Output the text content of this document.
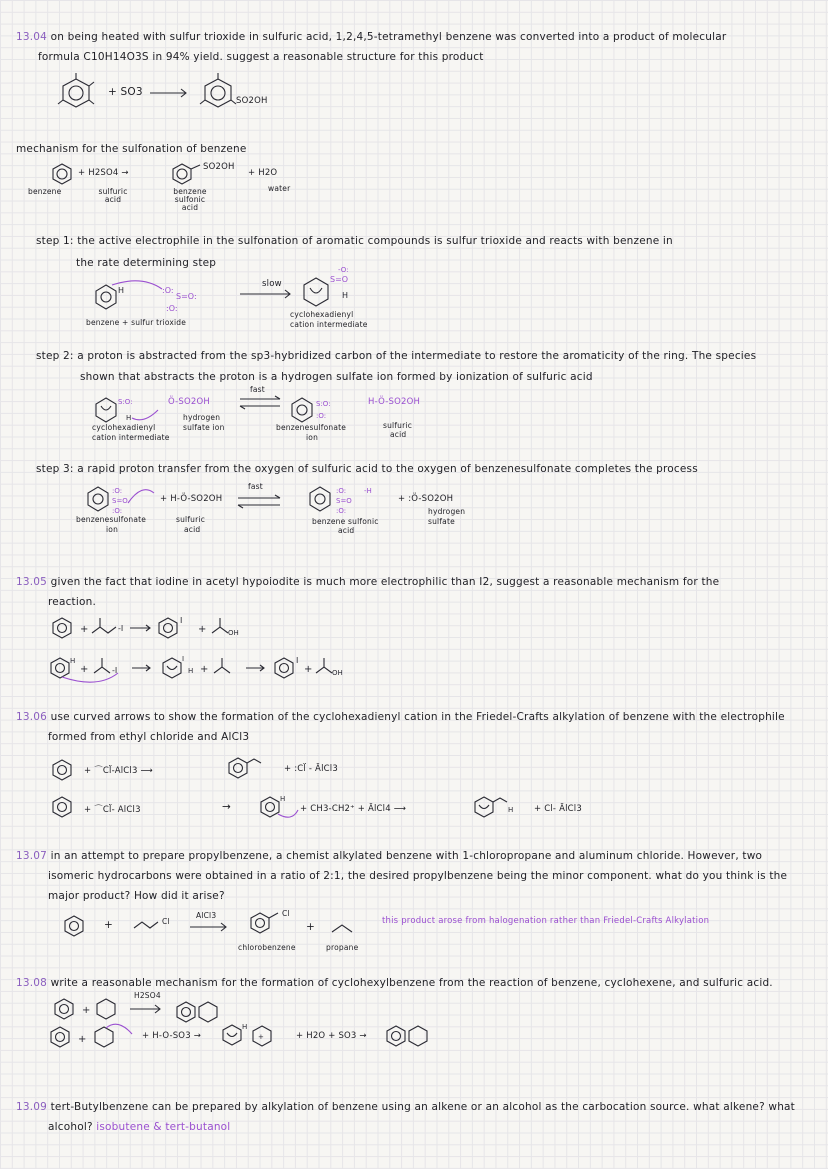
13.04 on being heated with sulfur trioxide in sulfuric acid, 1,2,4,5-tetramethyl benzene was converted into a product of molecular
formula C10H14O3S in 94% yield. suggest a reasonable structure for this product
+ SO3 →
SO2OH
mechanism for the sulfonation of benzene
+ H2SO4 →
SO2OH
+ H2O
benzene	sulfuric acid
benzene sulfonic acid
water
step 1: the active electrophile in the sulfonation of aromatic compounds is sulfur trioxide and reacts with benzene in
the rate determining step
H	:O:
S=O:
:O:
slow	S=O
-O:
H
benzene + sulfur trioxide
cyclohexadienyl
cation intermediate
step 2: a proton is abstracted from the sp3-hybridized carbon of the intermediate to restore the aromaticity of the ring. The species
shown that abstracts the proton is a hydrogen sulfate ion formed by ionization of sulfuric acid
S:O:
H
Ö-SO2OH
fast
S:O:
:O:
H-Ö-SO2OH
cyclohexadienyl
cation intermediate
hydrogen
sulfate ion	benzenesulfonate
ion
sulfuric
acid
step 3: a rapid proton transfer from the oxygen of sulfuric acid to the oxygen of benzenesulfonate completes the process
:O:
S=O
:O:
+ H-Ö-SO2OH
fast	:O:
S=O
:O:
-H
+ :Ö-SO2OH
benzenesulfonate
ion
sulfuric
acid
benzene sulfonic
acid
hydrogen
sulfate
13.05 given the fact that iodine in acetyl hypoiodite is much more electrophilic than I2, suggest a reasonable mechanism for the
reaction.
+	-I
I
+	OH
H
+	-I
I
H +
I
+	OH
13.06 use curved arrows to show the formation of the cyclohexadienyl cation in the Friedel-Crafts alkylation of benzene with the electrophile
formed from ethyl chloride and AlCl3
+ ⌒Cl̈-AlCl3 ⟶	+ :Cl̈ - ĀlCl3
+ ⌒Cl̈- AlCl3	→
H
+ CH3-CH2⁺ + ĀlCl4 ⟶	H + Cl- ĀlCl3
13.07 in an attempt to prepare propylbenzene, a chemist alkylated benzene with 1-chloropropane and aluminum chloride. However, two
isomeric hydrocarbons were obtained in a ratio of 2:1, the desired propylbenzene being the minor component. what do you think is the
major product? How did it arise?
+	Cl
AlCl3	Cl
+
chlorobenzene	propane
this product arose from halogenation rather than Friedel-Crafts Alkylation
13.08 write a reasonable mechanism for the formation of cyclohexylbenzene from the reaction of benzene, cyclohexene, and sulfuric acid.
+
H2SO4
+	+ H-O-SO3 →
H
+	+ H2O + SO3 →
13.09 tert-Butylbenzene can be prepared by alkylation of benzene using an alkene or an alcohol as the carbocation source. what alkene? what
alcohol? isobutene & tert-butanol
